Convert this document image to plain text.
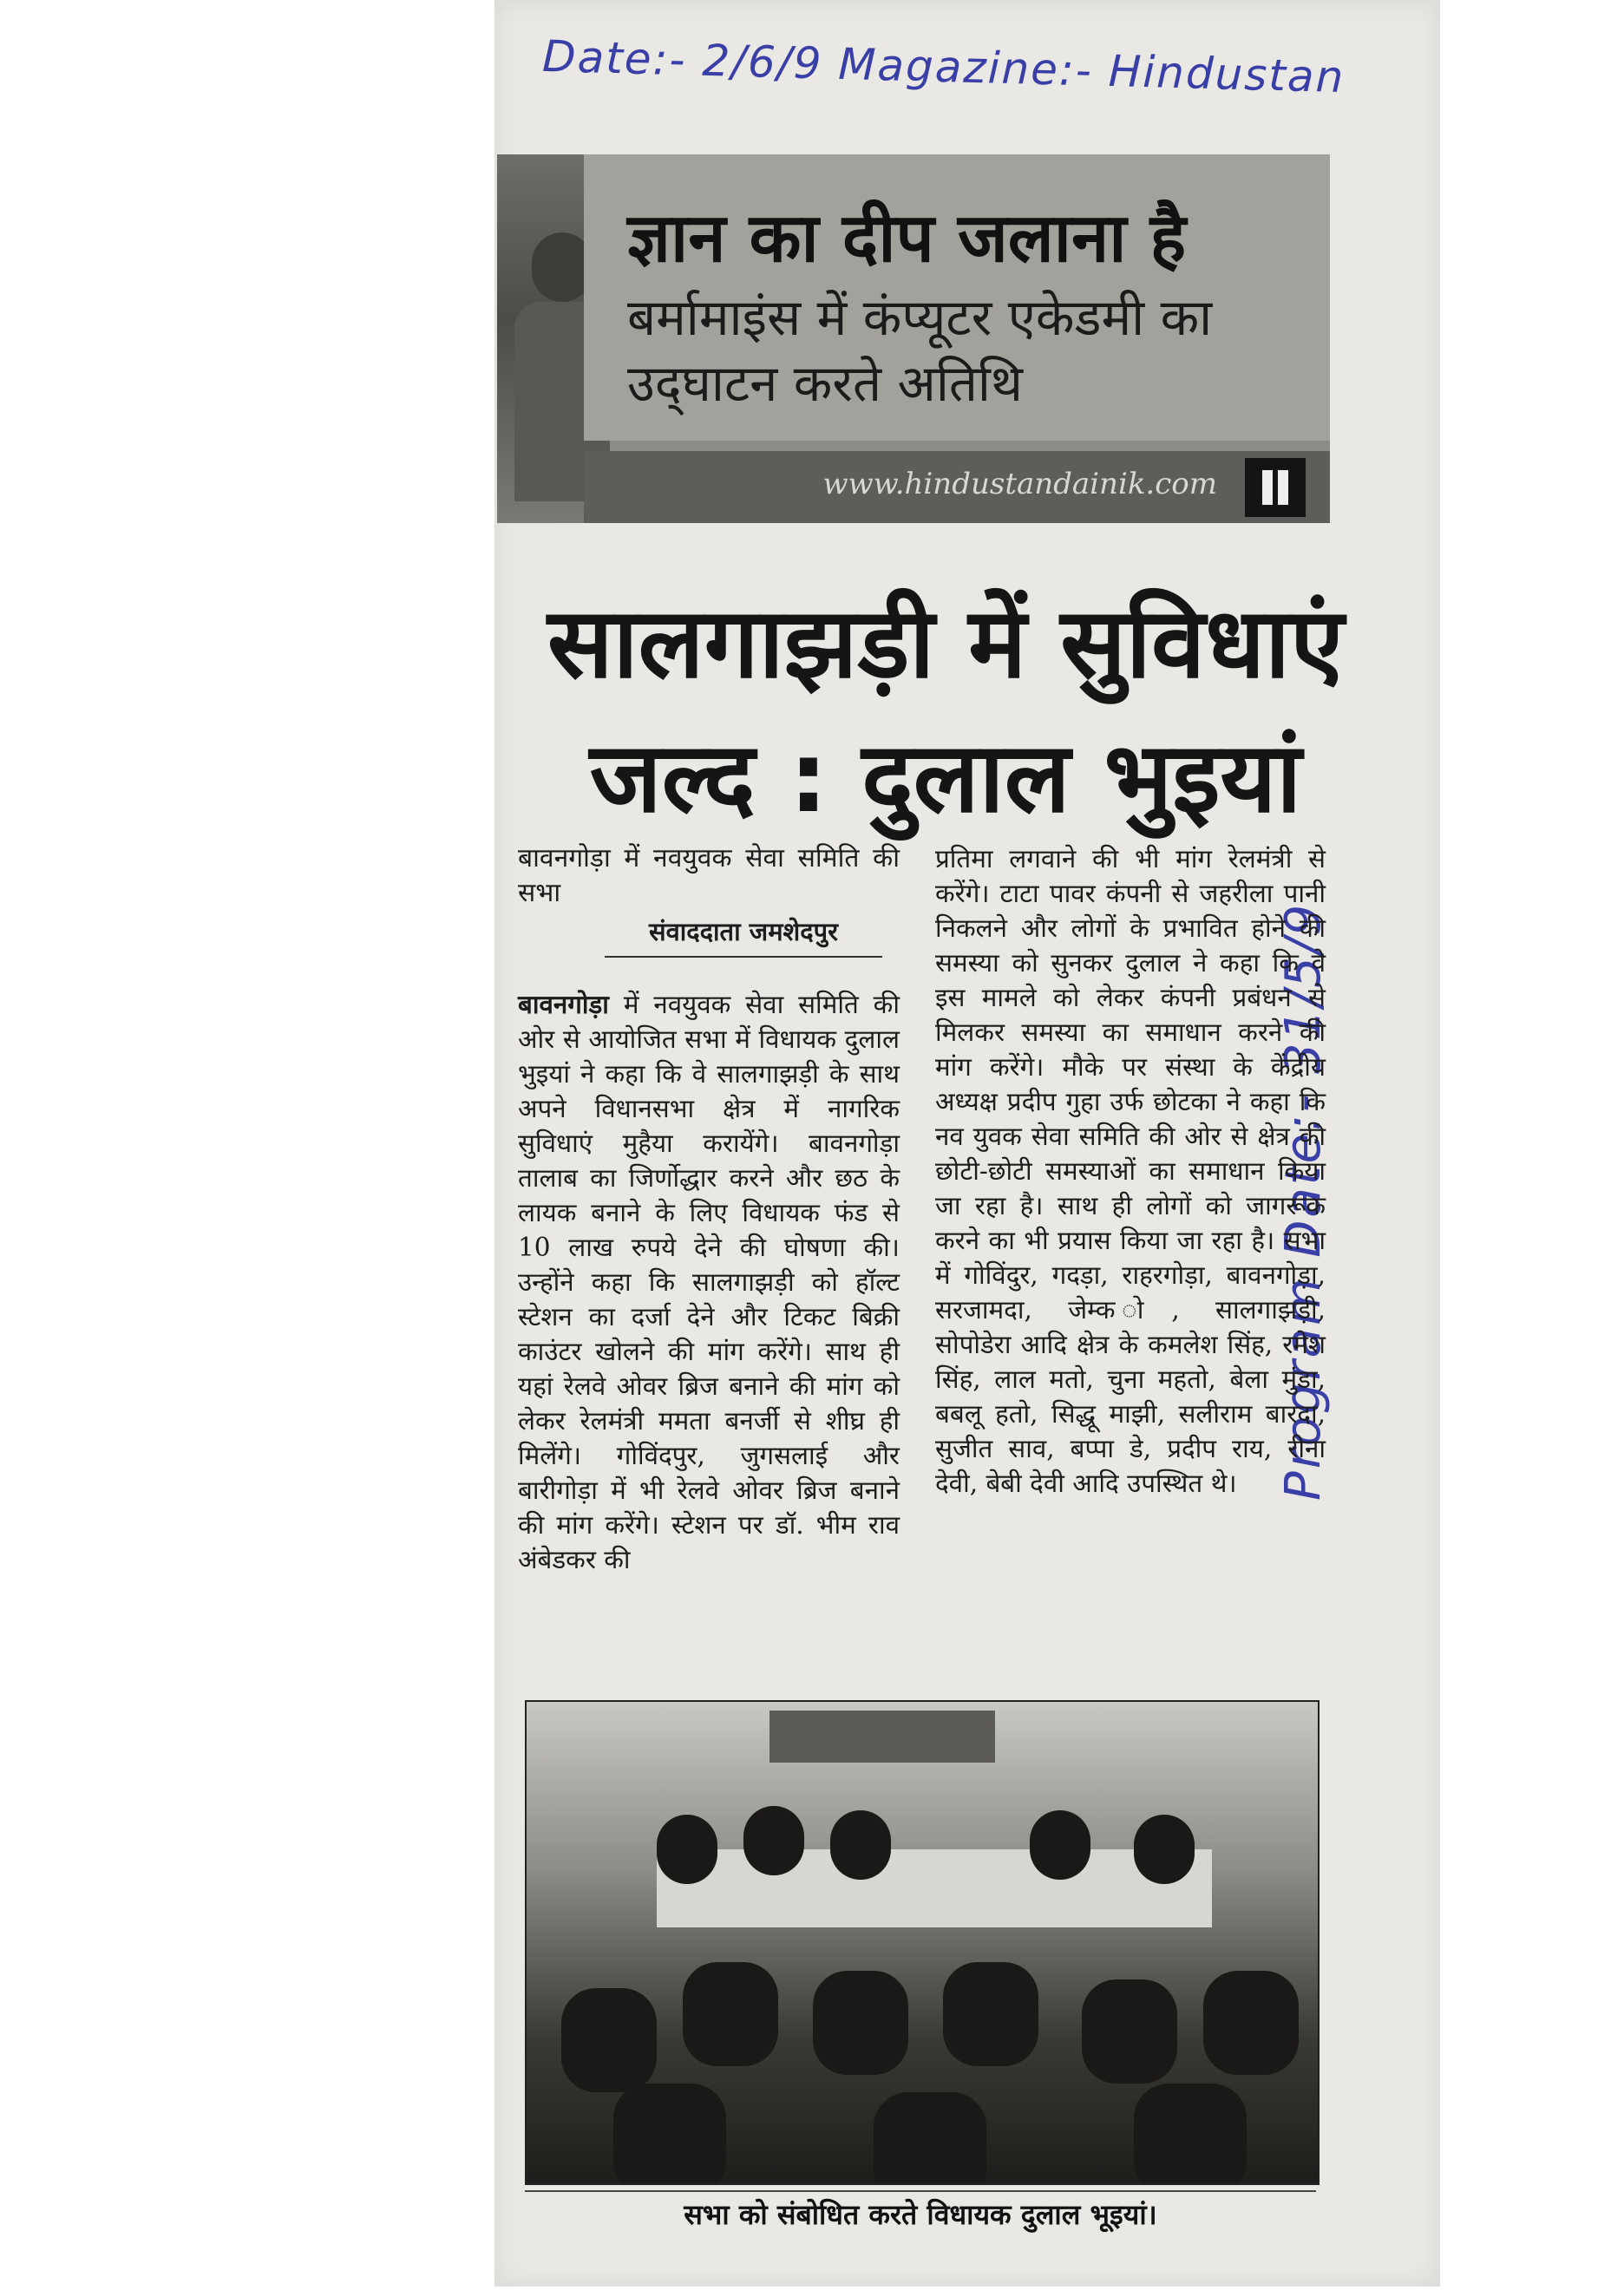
Date:- 2/6/9 Magazine:- Hindustan
Program Date:- 31/5/9
ज्ञान का दीप जलाना है
बर्मामाइंस में कंप्यूटर एकेडमी का उद्‌घाटन करते अतिथि
www.hindustandainik.com
सालगाझड़ी में सुविधाएं
जल्द : दुलाल भुइयां
बावनगोड़ा में नवयुवक सेवा समिति की सभा
संवाददाता जमशेदपुर
बावनगोड़ा में नवयुवक सेवा समिति की ओर से आयोजित सभा में विधायक दुलाल भुइयां ने कहा कि वे सालगाझड़ी के साथ अपने विधानसभा क्षेत्र में नागरिक सुविधाएं मुहैया करायेंगे। बावनगोड़ा तालाब का जिर्णोद्धार करने और छठ के लायक बनाने के लिए विधायक फंड से 10 लाख रुपये देने की घोषणा की। उन्होंने कहा कि सालगाझड़ी को हॉल्ट स्टेशन का दर्जा देने और टिकट बिक्री काउंटर खोलने की मांग करेंगे। साथ ही यहां रेलवे ओवर ब्रिज बनाने की मांग को लेकर रेलमंत्री ममता बनर्जी से शीघ्र ही मिलेंगे। गोविंदपुर, जुगसलाई और बारीगोड़ा में भी रेलवे ओवर ब्रिज बनाने की मांग करेंगे। स्टेशन पर डॉ. भीम राव अंबेडकर की
प्रतिमा लगवाने की भी मांग रेलमंत्री से करेंगे। टाटा पावर कंपनी से जहरीला पानी निकलने और लोगों के प्रभावित होने की समस्या को सुनकर दुलाल ने कहा कि वे इस मामले को लेकर कंपनी प्रबंधन से मिलकर समस्या का समाधान करने की मांग करेंगे। मौके पर संस्था के केंद्रीय अध्यक्ष प्रदीप गुहा उर्फ छोटका ने कहा कि नव युवक सेवा समिति की ओर से क्षेत्र की छोटी-छोटी समस्याओं का समाधान किया जा रहा है। साथ ही लोगों को जागरूक करने का भी प्रयास किया जा रहा है। सभा में गोविंदुर, गदड़ा, राहरगोड़ा, बावनगोड़ा, सरजामदा, जेम्क ो, सालगाझड़ी, सोपोडेरा आदि क्षेत्र के कमलेश सिंह, रमेश सिंह, लाल मतो, चुना महतो, बेला मुंडा, बबलू हतो, सिद्धू माझी, सलीराम बारदा, सुजीत साव, बप्पा डे, प्रदीप राय, रीना देवी, बेबी देवी आदि उपस्थित थे।
सभा को संबोधित करते विधायक दुलाल भूइयां।
